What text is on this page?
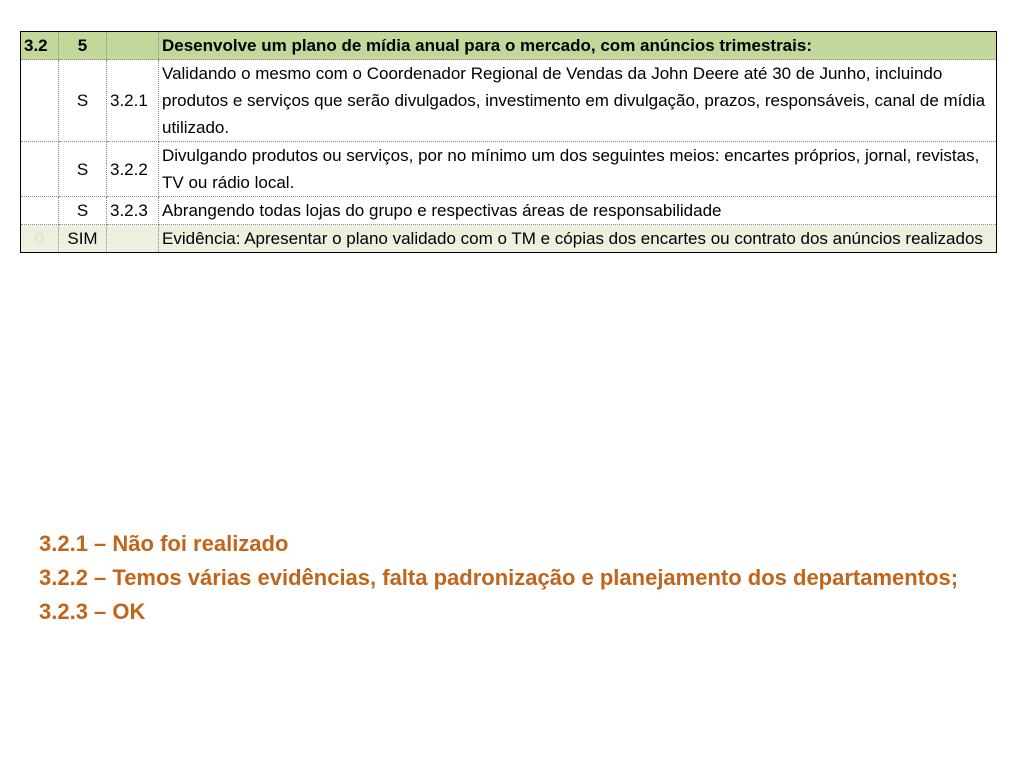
3.2	5		Desenvolve um plano de mídia anual para o mercado, com anúncios trimestrais:
	S	3.2.1	Validando o mesmo com o Coordenador Regional de Vendas da John Deere até 30 de Junho, incluindo produtos e serviços que serão divulgados, investimento em divulgação, prazos, responsáveis, canal de mídia utilizado.
	S	3.2.2	Divulgando produtos ou serviços, por no mínimo um dos seguintes meios: encartes próprios, jornal, revistas, TV ou rádio local.
	S	3.2.3	Abrangendo todas lojas do grupo e respectivas áreas de responsabilidade
0	SIM		Evidência: Apresentar o plano validado com o TM e cópias dos encartes ou contrato dos anúncios realizados

3.2.1 – Não foi realizado

3.2.2 – Temos várias evidências, falta padronização e planejamento dos departamentos;

3.2.3 – OK
